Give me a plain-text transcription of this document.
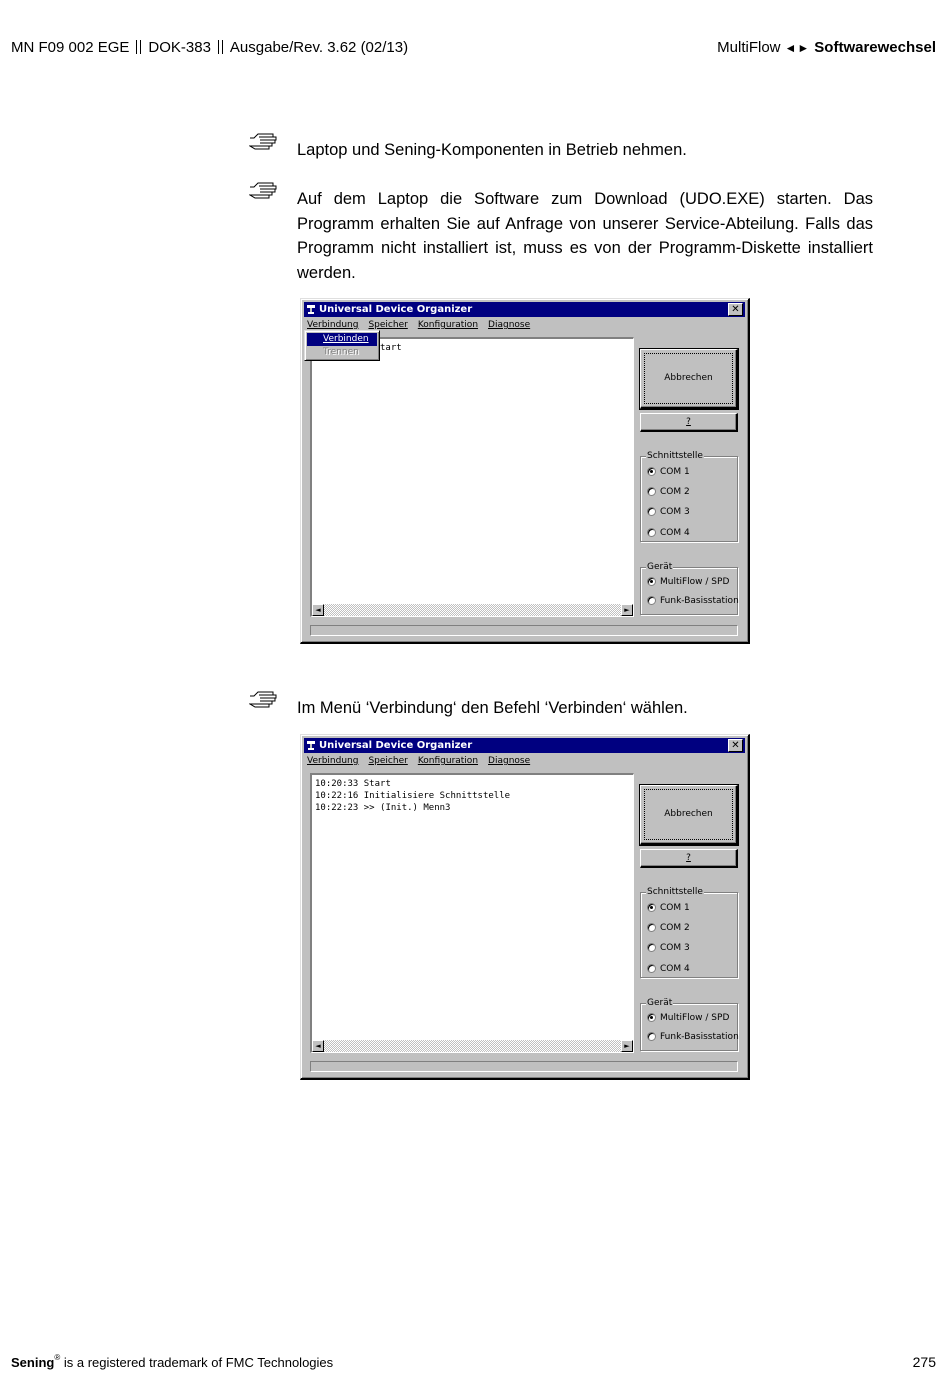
MN F09 002 EGE DOK-383 Ausgabe/Rev. 3.62 (02/13)	MultiFlow ◄► Softwarewechsel
Laptop und Sening-Komponenten in Betrieb nehmen.
Auf dem Laptop die Software zum Download (UDO.EXE) starten. Das Programm erhalten Sie auf Anfrage von unserer Service-Abteilung. Falls das Programm nicht installiert ist, muss es von der Programm-Diskette installiert werden.
Universal Device Organizer	✕
Verbindung Speicher Konfiguration Diagnose
tart
◄	►
Verbinden
Trennen
Abbrechen
?
Schnittstelle
COM 1
COM 2
COM 3
COM 4
Gerät
MultiFlow / SPD
Funk-Basisstation
Im Menü ‘Verbindung‘ den Befehl ‘Verbinden‘ wählen.
Universal Device Organizer	✕
Verbindung Speicher Konfiguration Diagnose
10:20:33 Start
10:22:16 Initialisiere Schnittstelle
10:22:23 >> (Init.) Menn3
◄	►
Abbrechen
?
Schnittstelle
COM 1
COM 2
COM 3
COM 4
Gerät
MultiFlow / SPD
Funk-Basisstation
Sening® is a registered trademark of FMC Technologies	275
